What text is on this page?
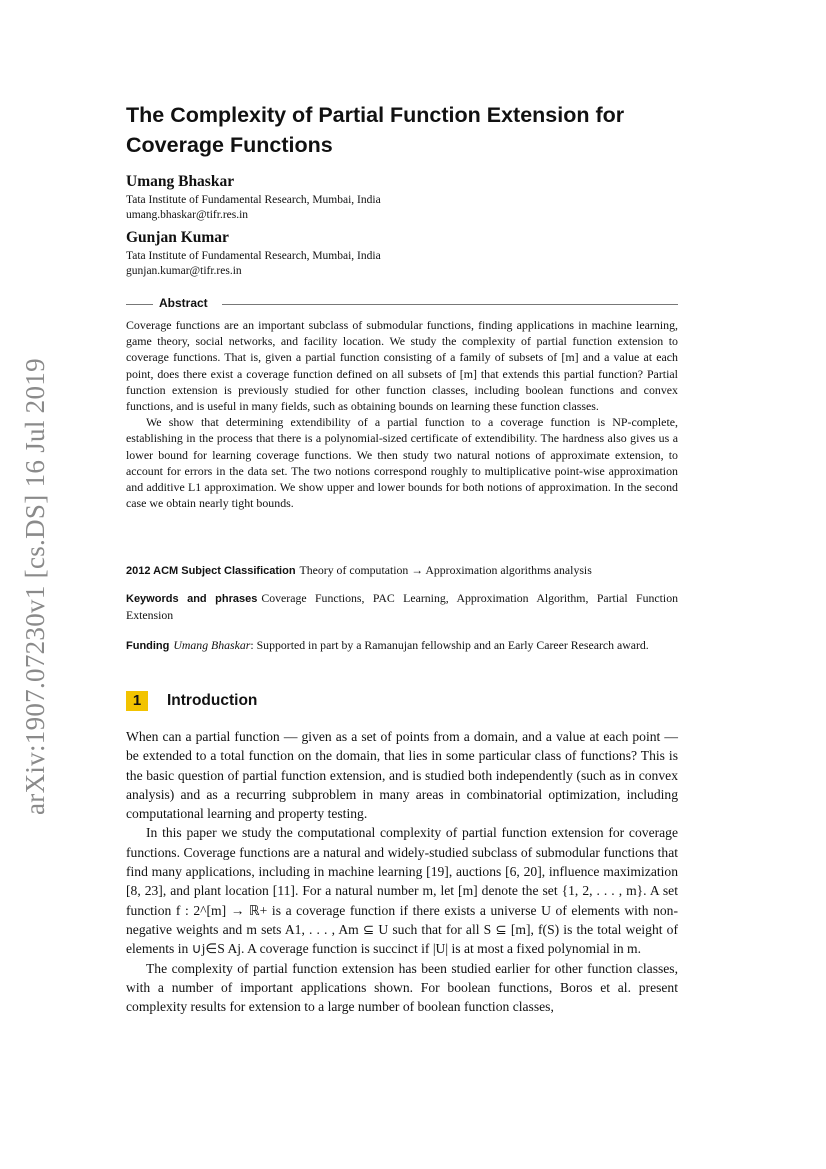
arXiv:1907.07230v1 [cs.DS] 16 Jul 2019
The Complexity of Partial Function Extension for Coverage Functions
Umang Bhaskar
Tata Institute of Fundamental Research, Mumbai, India
umang.bhaskar@tifr.res.in
Gunjan Kumar
Tata Institute of Fundamental Research, Mumbai, India
gunjan.kumar@tifr.res.in
Abstract

Coverage functions are an important subclass of submodular functions, finding applications in machine learning, game theory, social networks, and facility location. We study the complexity of partial function extension to coverage functions. That is, given a partial function consisting of a family of subsets of [m] and a value at each point, does there exist a coverage function defined on all subsets of [m] that extends this partial function? Partial function extension is previously studied for other function classes, including boolean functions and convex functions, and is useful in many fields, such as obtaining bounds on learning these function classes.

We show that determining extendibility of a partial function to a coverage function is NP-complete, establishing in the process that there is a polynomial-sized certificate of extendibility. The hardness also gives us a lower bound for learning coverage functions. We then study two natural notions of approximate extension, to account for errors in the data set. The two notions correspond roughly to multiplicative point-wise approximation and additive L1 approximation. We show upper and lower bounds for both notions of approximation. In the second case we obtain nearly tight bounds.

2012 ACM Subject Classification Theory of computation → Approximation algorithms analysis

Keywords and phrases Coverage Functions, PAC Learning, Approximation Algorithm, Partial Function Extension

Funding Umang Bhaskar: Supported in part by a Ramanujan fellowship and an Early Career Research award.

1	Introduction

When can a partial function — given as a set of points from a domain, and a value at each point — be extended to a total function on the domain, that lies in some particular class of functions? This is the basic question of partial function extension, and is studied both independently (such as in convex analysis) and as a recurring subproblem in many areas in combinatorial optimization, including computational learning and property testing.

In this paper we study the computational complexity of partial function extension for coverage functions. Coverage functions are a natural and widely-studied subclass of submodular functions that find many applications, including in machine learning [19], auctions [6, 20], influence maximization [8, 23], and plant location [11]. For a natural number m, let [m] denote the set {1, 2, . . . , m}. A set function f : 2^[m] → ℝ+ is a coverage function if there exists a universe U of elements with non-negative weights and m sets A1, . . . , Am ⊆ U such that for all S ⊆ [m], f(S) is the total weight of elements in ∪j∈S Aj. A coverage function is succinct if |U| is at most a fixed polynomial in m.

The complexity of partial function extension has been studied earlier for other function classes, with a number of important applications shown. For boolean functions, Boros et al. present complexity results for extension to a large number of boolean function classes,
